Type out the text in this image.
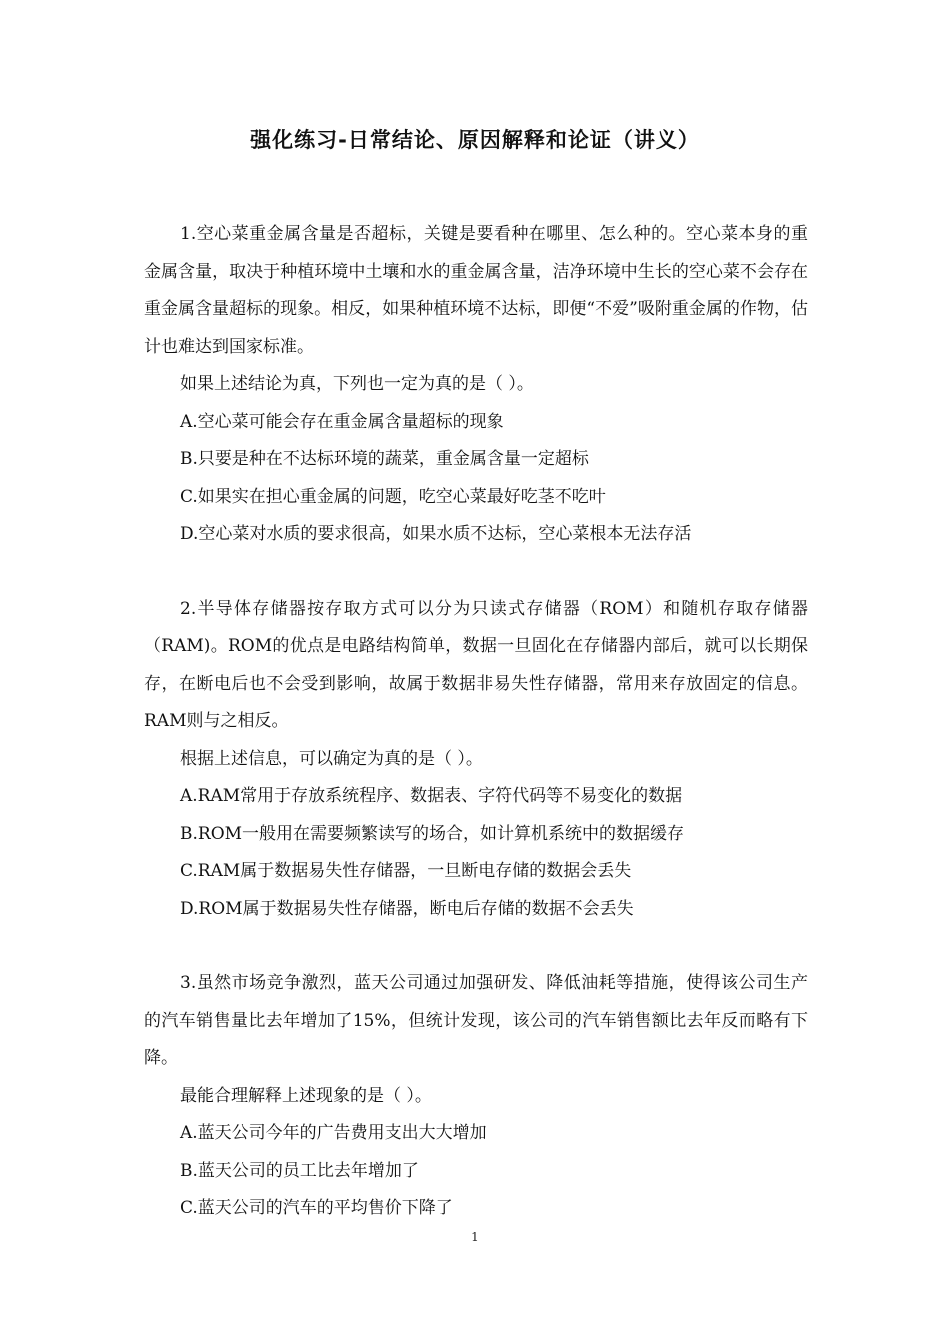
强化练习-日常结论、原因解释和论证（讲义）

1.空心菜重金属含量是否超标，关键是要看种在哪里、怎么种的。空心菜本身的重金属含量，取决于种植环境中土壤和水的重金属含量，洁净环境中生长的空心菜不会存在重金属含量超标的现象。相反，如果种植环境不达标，即便“不爱”吸附重金属的作物，估计也难达到国家标准。

如果上述结论为真，下列也一定为真的是（ ）。

A.空心菜可能会存在重金属含量超标的现象

B.只要是种在不达标环境的蔬菜，重金属含量一定超标

C.如果实在担心重金属的问题，吃空心菜最好吃茎不吃叶

D.空心菜对水质的要求很高，如果水质不达标，空心菜根本无法存活

2.半导体存储器按存取方式可以分为只读式存储器（ROM）和随机存取存储器（RAM)。ROM的优点是电路结构简单，数据一旦固化在存储器内部后，就可以长期保存，在断电后也不会受到影响，故属于数据非易失性存储器，常用来存放固定的信息。RAM则与之相反。

根据上述信息，可以确定为真的是（ ）。

A.RAM常用于存放系统程序、数据表、字符代码等不易变化的数据

B.ROM一般用在需要频繁读写的场合，如计算机系统中的数据缓存

C.RAM属于数据易失性存储器，一旦断电存储的数据会丢失

D.ROM属于数据易失性存储器，断电后存储的数据不会丢失

3.虽然市场竞争激烈，蓝天公司通过加强研发、降低油耗等措施，使得该公司生产的汽车销售量比去年增加了15%，但统计发现，该公司的汽车销售额比去年反而略有下降。

最能合理解释上述现象的是（ ）。

A.蓝天公司今年的广告费用支出大大增加

B.蓝天公司的员工比去年增加了

C.蓝天公司的汽车的平均售价下降了

1
